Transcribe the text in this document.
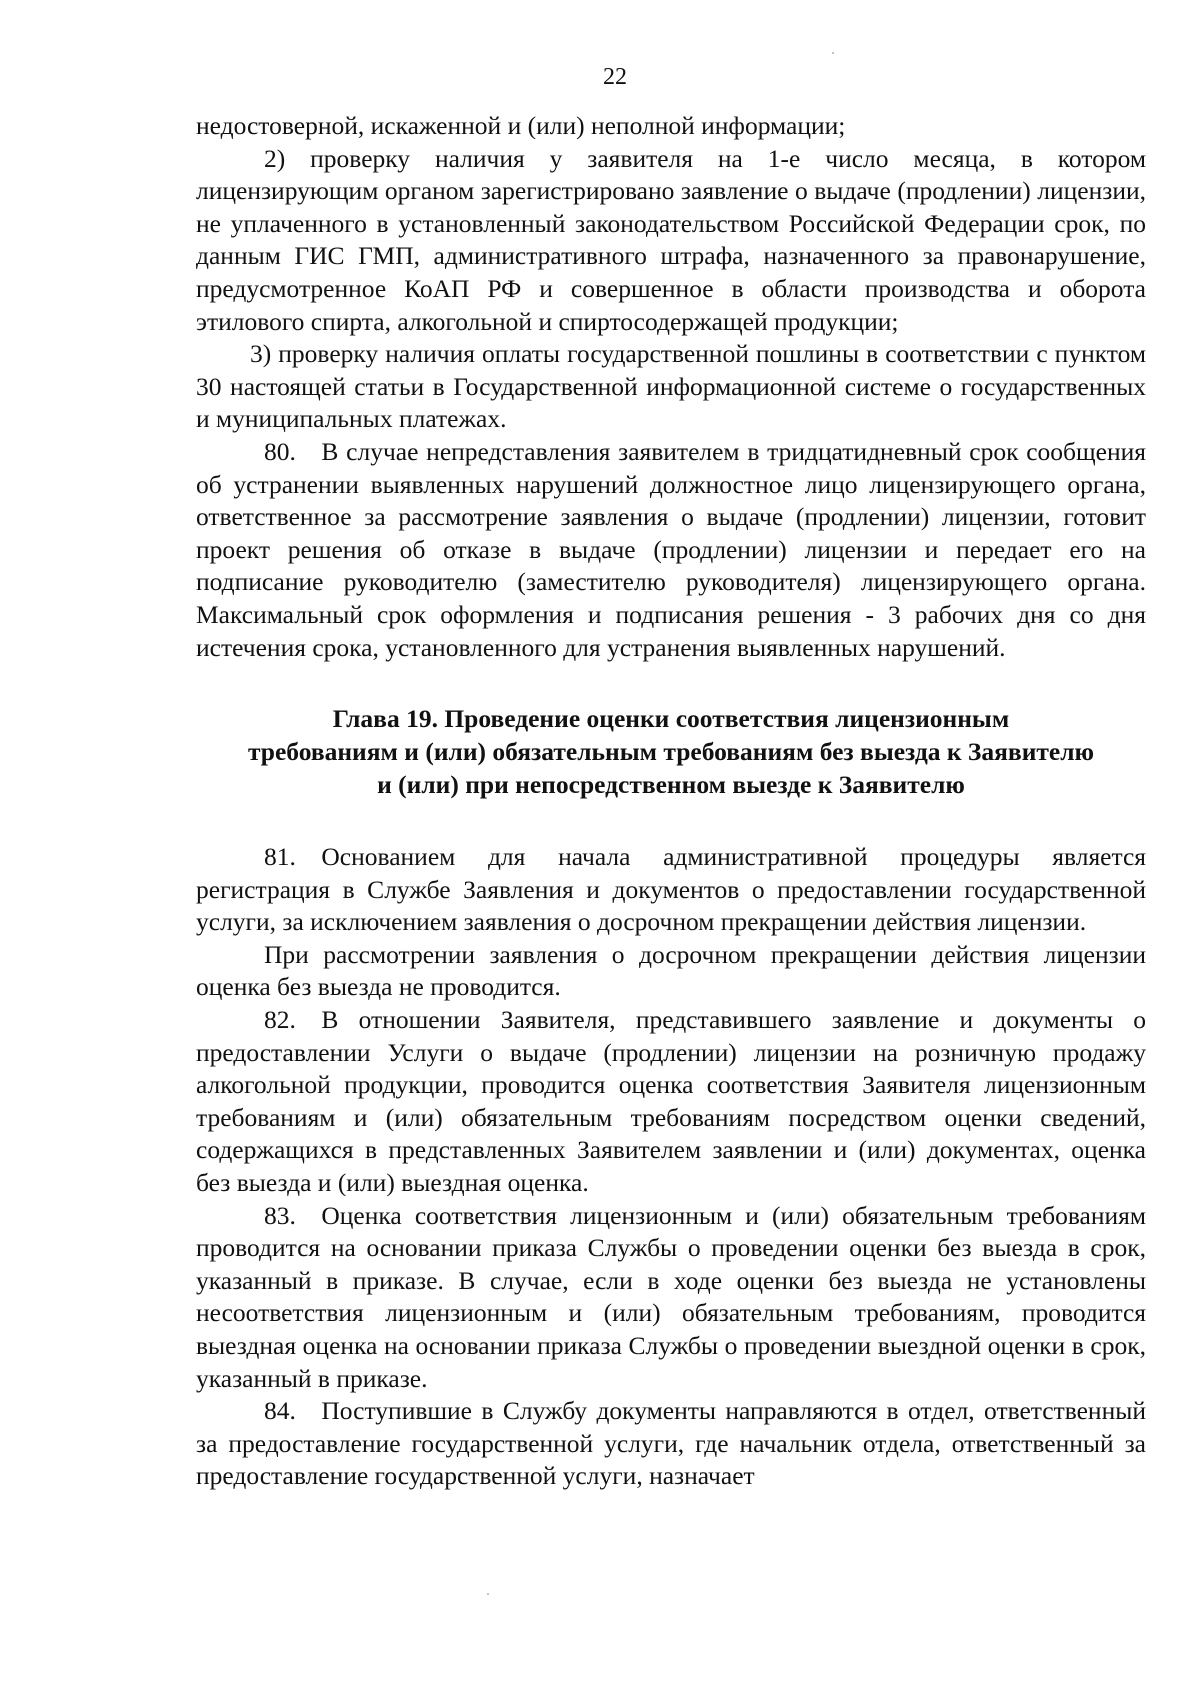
22

недостоверной, искаженной и (или) неполной информации;

2) проверку наличия у заявителя на 1-е число месяца, в котором лицензирующим органом зарегистрировано заявление о выдаче (продлении) лицензии, не уплаченного в установленный законодательством Российской Федерации срок, по данным ГИС ГМП, административного штрафа, назначенного за правонарушение, предусмотренное КоАП РФ и совершенное в области производства и оборота этилового спирта, алкогольной и спиртосодержащей продукции;

3) проверку наличия оплаты государственной пошлины в соответствии с пунктом 30 настоящей статьи в Государственной информационной системе о государственных и муниципальных платежах.

80. В случае непредставления заявителем в тридцатидневный срок сообщения об устранении выявленных нарушений должностное лицо лицензирующего органа, ответственное за рассмотрение заявления о выдаче (продлении) лицензии, готовит проект решения об отказе в выдаче (продлении) лицензии и передает его на подписание руководителю (заместителю руководителя) лицензирующего органа. Максимальный срок оформления и подписания решения - 3 рабочих дня со дня истечения срока, установленного для устранения выявленных нарушений.

Глава 19. Проведение оценки соответствия лицензионным
требованиям и (или) обязательным требованиям без выезда к Заявителю
и (или) при непосредственном выезде к Заявителю

81. Основанием для начала административной процедуры является регистрация в Службе Заявления и документов о предоставлении государственной услуги, за исключением заявления о досрочном прекращении действия лицензии.

При рассмотрении заявления о досрочном прекращении действия лицензии оценка без выезда не проводится.

82. В отношении Заявителя, представившего заявление и документы о предоставлении Услуги о выдаче (продлении) лицензии на розничную продажу алкогольной продукции, проводится оценка соответствия Заявителя лицензионным требованиям и (или) обязательным требованиям посредством оценки сведений, содержащихся в представленных Заявителем заявлении и (или) документах, оценка без выезда и (или) выездная оценка.

83. Оценка соответствия лицензионным и (или) обязательным требованиям проводится на основании приказа Службы о проведении оценки без выезда в срок, указанный в приказе. В случае, если в ходе оценки без выезда не установлены несоответствия лицензионным и (или) обязательным требованиям, проводится выездная оценка на основании приказа Службы о проведении выездной оценки в срок, указанный в приказе.

84. Поступившие в Службу документы направляются в отдел, ответственный за предоставление государственной услуги, где начальник отдела, ответственный за предоставление государственной услуги, назначает
